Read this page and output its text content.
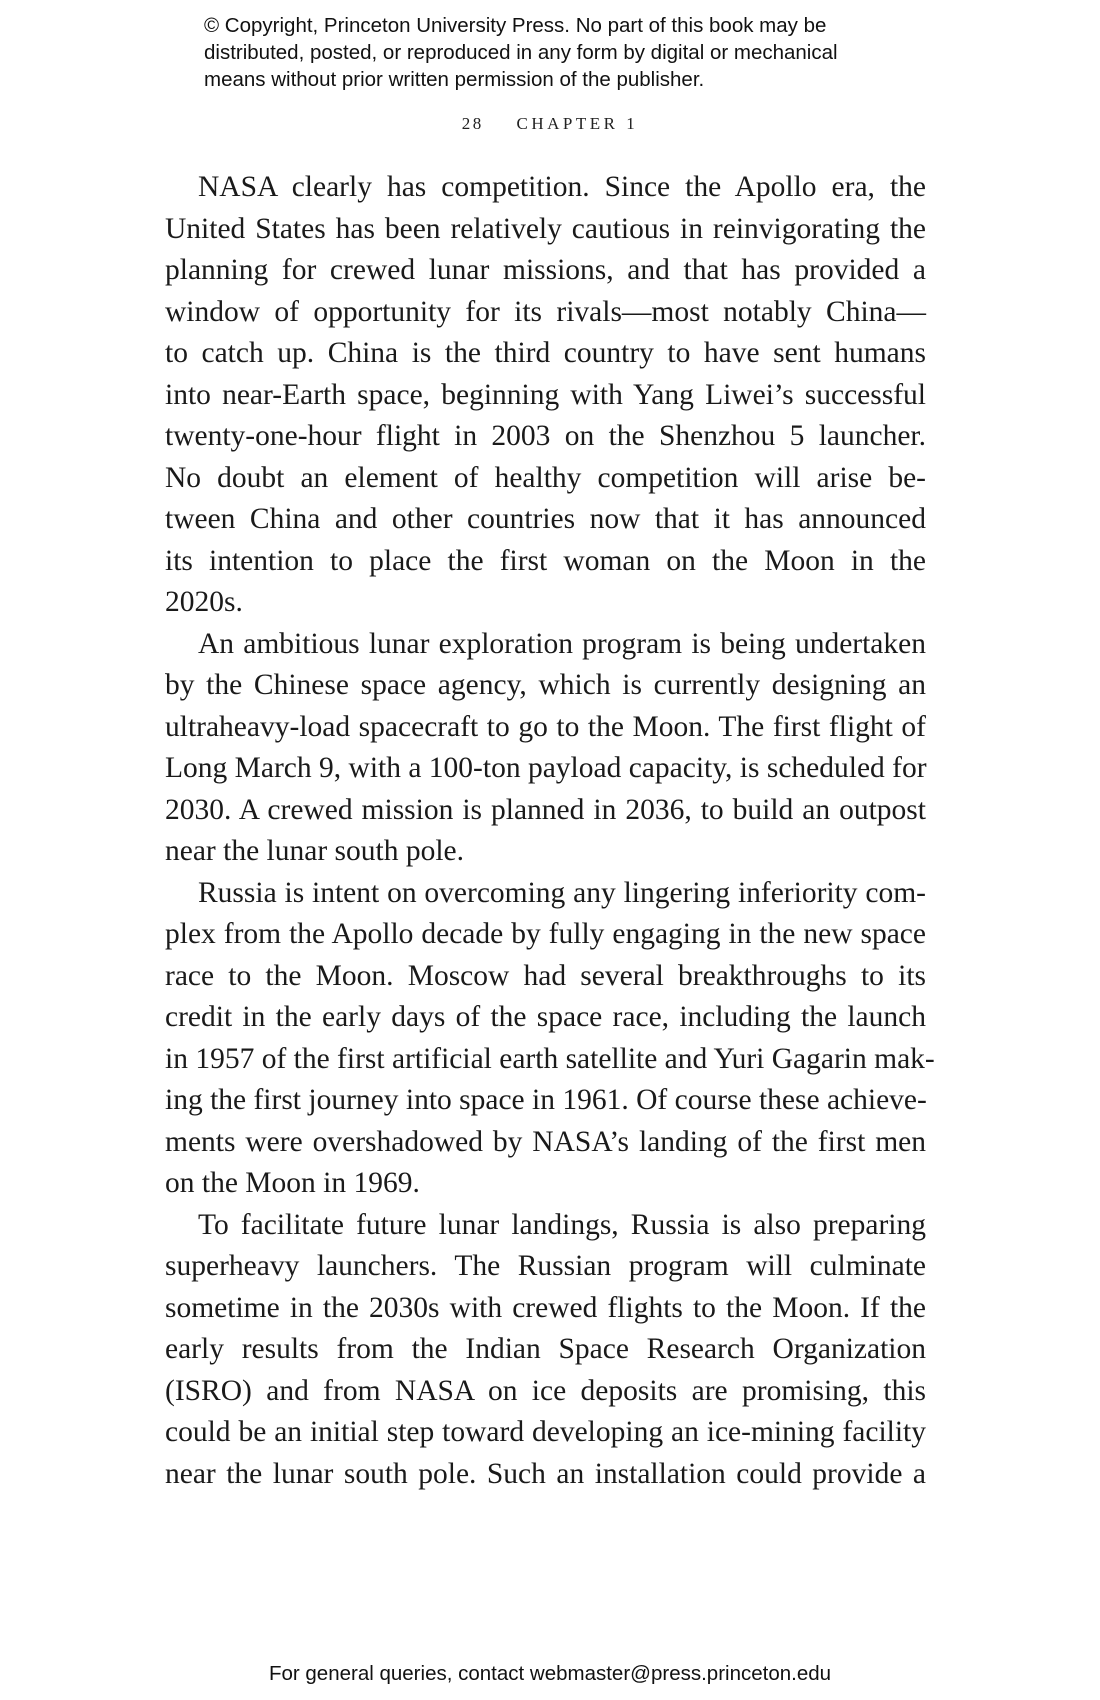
© Copyright, Princeton University Press. No part of this book may be
distributed, posted, or reproduced in any form by digital or mechanical
means without prior written permission of the publisher.
28 CHAPTER 1
NASA clearly has competition. Since the Apollo era, the
United States has been relatively cautious in reinvigorating the
planning for crewed lunar missions, and that has provided a
window of opportunity for its rivals—most notably China—
to catch up. China is the third country to have sent humans
into near-Earth space, beginning with Yang Liwei’s successful
twenty-one-hour flight in 2003 on the Shenzhou 5 launcher.
No doubt an element of healthy competition will arise be-
tween China and other countries now that it has announced
its intention to place the first woman on the Moon in the
2020s.
An ambitious lunar exploration program is being undertaken
by the Chinese space agency, which is currently designing an
ultraheavy-load spacecraft to go to the Moon. The first flight of
Long March 9, with a 100-ton payload capacity, is scheduled for
2030. A crewed mission is planned in 2036, to build an outpost
near the lunar south pole.
Russia is intent on overcoming any lingering inferiority com-
plex from the Apollo decade by fully engaging in the new space
race to the Moon. Moscow had several breakthroughs to its
credit in the early days of the space race, including the launch
in 1957 of the first artificial earth satellite and Yuri Gagarin mak-
ing the first journey into space in 1961. Of course these achieve-
ments were overshadowed by NASA’s landing of the first men
on the Moon in 1969.
To facilitate future lunar landings, Russia is also preparing
superheavy launchers. The Russian program will culminate
sometime in the 2030s with crewed flights to the Moon. If the
early results from the Indian Space Research Organization
(ISRO) and from NASA on ice deposits are promising, this
could be an initial step toward developing an ice-mining facility
near the lunar south pole. Such an installation could provide a
For general queries, contact webmaster@press.princeton.edu
